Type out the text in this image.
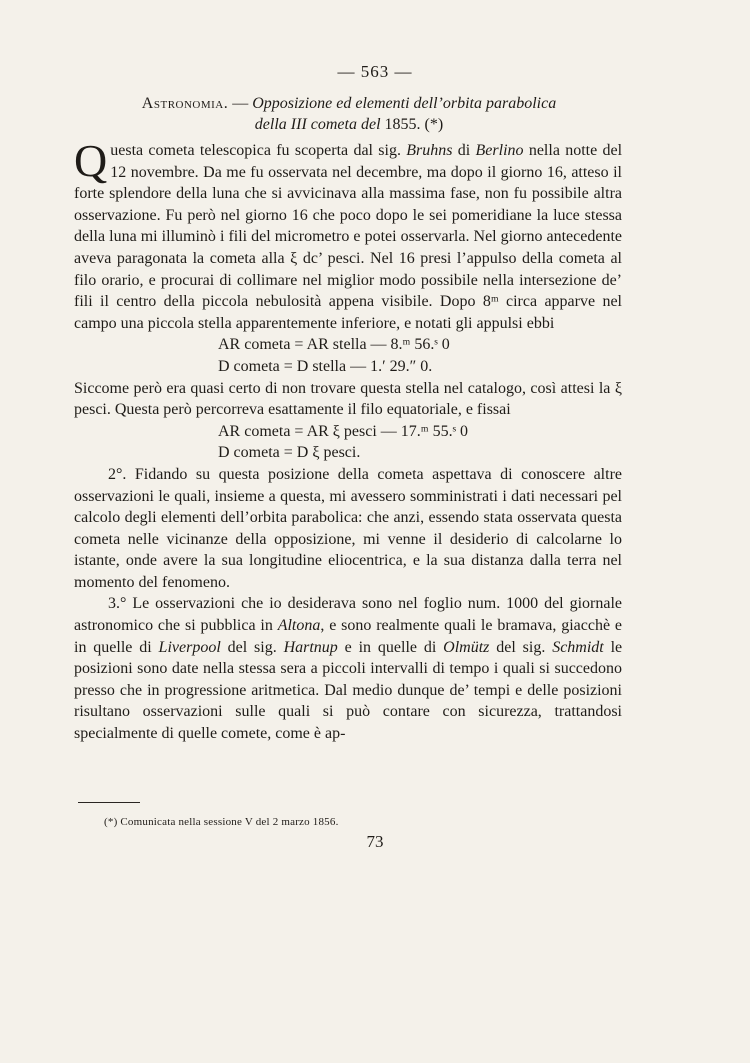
— 563 —
Astronomia. — Opposizione ed elementi dell’orbita parabolica
della III cometa del 1855. (*)

Questa cometa telescopica fu scoperta dal sig. Bruhns di Berlino nella notte del 12 novembre. Da me fu osservata nel decembre, ma dopo il giorno 16, atteso il forte splendore della luna che si avvicinava alla massima fase, non fu possibile altra osservazione. Fu però nel giorno 16 che poco dopo le sei pomeridiane la luce stessa della luna mi illuminò i fili del micrometro e potei osservarla. Nel giorno antecedente aveva paragonata la cometa alla ξ dc’ pesci. Nel 16 presi l’appulso della cometa al filo orario, e procurai di collimare nel miglior modo possibile nella intersezione de’ fili il centro della piccola nebulosità appena visibile. Dopo 8ᵐ circa apparve nel campo una piccola stella apparentemente inferiore, e notati gli appulsi ebbi

AR cometa = AR stella — 8.ᵐ 56.ˢ 0
D cometa = D stella — 1.′ 29.″ 0.

Siccome però era quasi certo di non trovare questa stella nel catalogo, così attesi la ξ pesci. Questa però percorreva esattamente il filo equatoriale, e fissai

AR cometa = AR ξ pesci — 17.ᵐ 55.ˢ 0
D cometa = D ξ pesci.

2°. Fidando su questa posizione della cometa aspettava di conoscere altre osservazioni le quali, insieme a questa, mi avessero somministrati i dati necessari pel calcolo degli elementi dell’orbita parabolica: che anzi, essendo stata osservata questa cometa nelle vicinanze della opposizione, mi venne il desiderio di calcolarne lo istante, onde avere la sua longitudine eliocentrica, e la sua distanza dalla terra nel momento del fenomeno.

3.° Le osservazioni che io desiderava sono nel foglio num. 1000 del giornale astronomico che si pubblica in Altona, e sono realmente quali le bramava, giacchè e in quelle di Liverpool del sig. Hartnup e in quelle di Olmütz del sig. Schmidt le posizioni sono date nella stessa sera a piccoli intervalli di tempo i quali si succedono presso che in progressione aritmetica. Dal medio dunque de’ tempi e delle posizioni risultano osservazioni sulle quali si può contare con sicurezza, trattandosi specialmente di quelle comete, come è ap-

(*) Comunicata nella sessione V del 2 marzo 1856.
73
